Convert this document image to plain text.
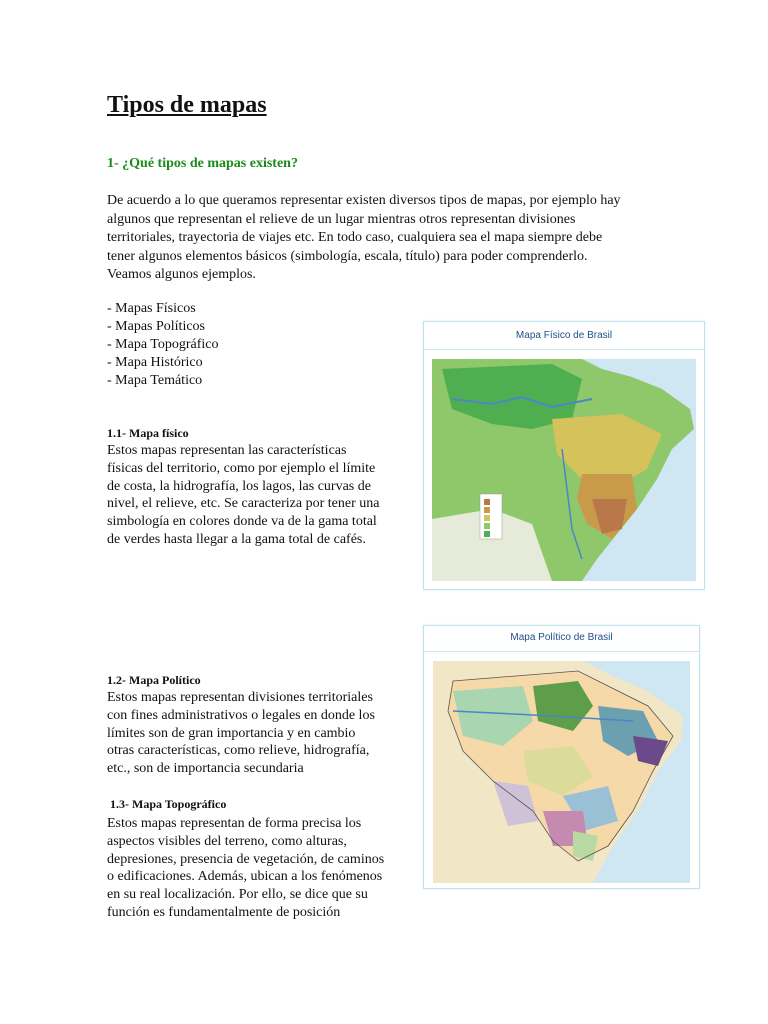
Tipos de mapas
1- ¿Qué tipos de mapas existen?
De acuerdo a lo que queramos representar existen diversos tipos de mapas, por ejemplo hay
algunos que representan el relieve de un lugar mientras otros representan divisiones
territoriales, trayectoria de viajes etc. En todo caso, cualquiera sea el mapa siempre debe
tener algunos elementos básicos (simbología, escala, título) para poder comprenderlo.
Veamos algunos ejemplos.
- Mapas Físicos
- Mapas Políticos
- Mapa Topográfico
- Mapa Histórico
- Mapa Temático
1.1- Mapa físico
Estos mapas representan las características
físicas del territorio, como por ejemplo el límite
de costa, la hidrografía, los lagos, las curvas de
nivel, el relieve, etc. Se caracteriza por tener una
simbología en colores donde va de la gama total
de verdes hasta llegar a la gama total de cafés.
1.2- Mapa Político
Estos mapas representan divisiones territoriales
con fines administrativos o legales en donde los
límites son de gran importancia y en cambio
otras características, como relieve, hidrografía,
etc., son de importancia secundaria
1.3- Mapa Topográfico
Estos mapas representan de forma precisa los
aspectos visibles del terreno, como alturas,
depresiones, presencia de vegetación, de caminos
o edificaciones. Además, ubican a los fenómenos
en su real localización. Por ello, se dice que su
función es fundamentalmente de posición
Mapa Físico de Brasil
Mapa Político de Brasil
